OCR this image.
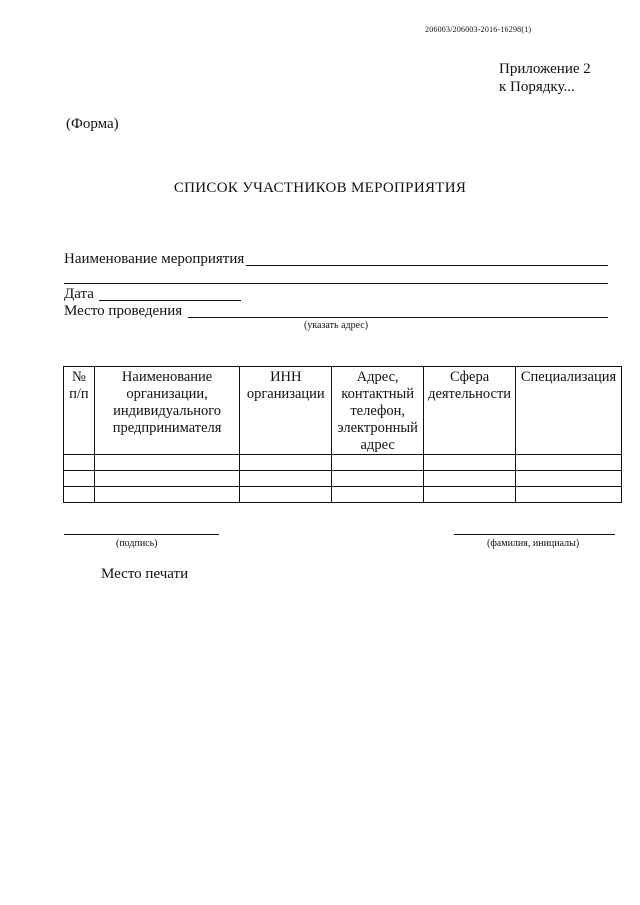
206003/206003-2016-16298(1)
Приложение 2
к Порядку...
(Форма)
СПИСОК УЧАСТНИКОВ МЕРОПРИЯТИЯ
Наименование мероприятия
Дата
Место проведения
(указать адрес)
№ п/п	Наименование организации, индивидуального предпринимателя	ИНН организации	Адрес, контактный телефон, электронный адрес	Сфера деятельности	Специализация

(подпись)	(фамилия, инициалы)
Место печати
